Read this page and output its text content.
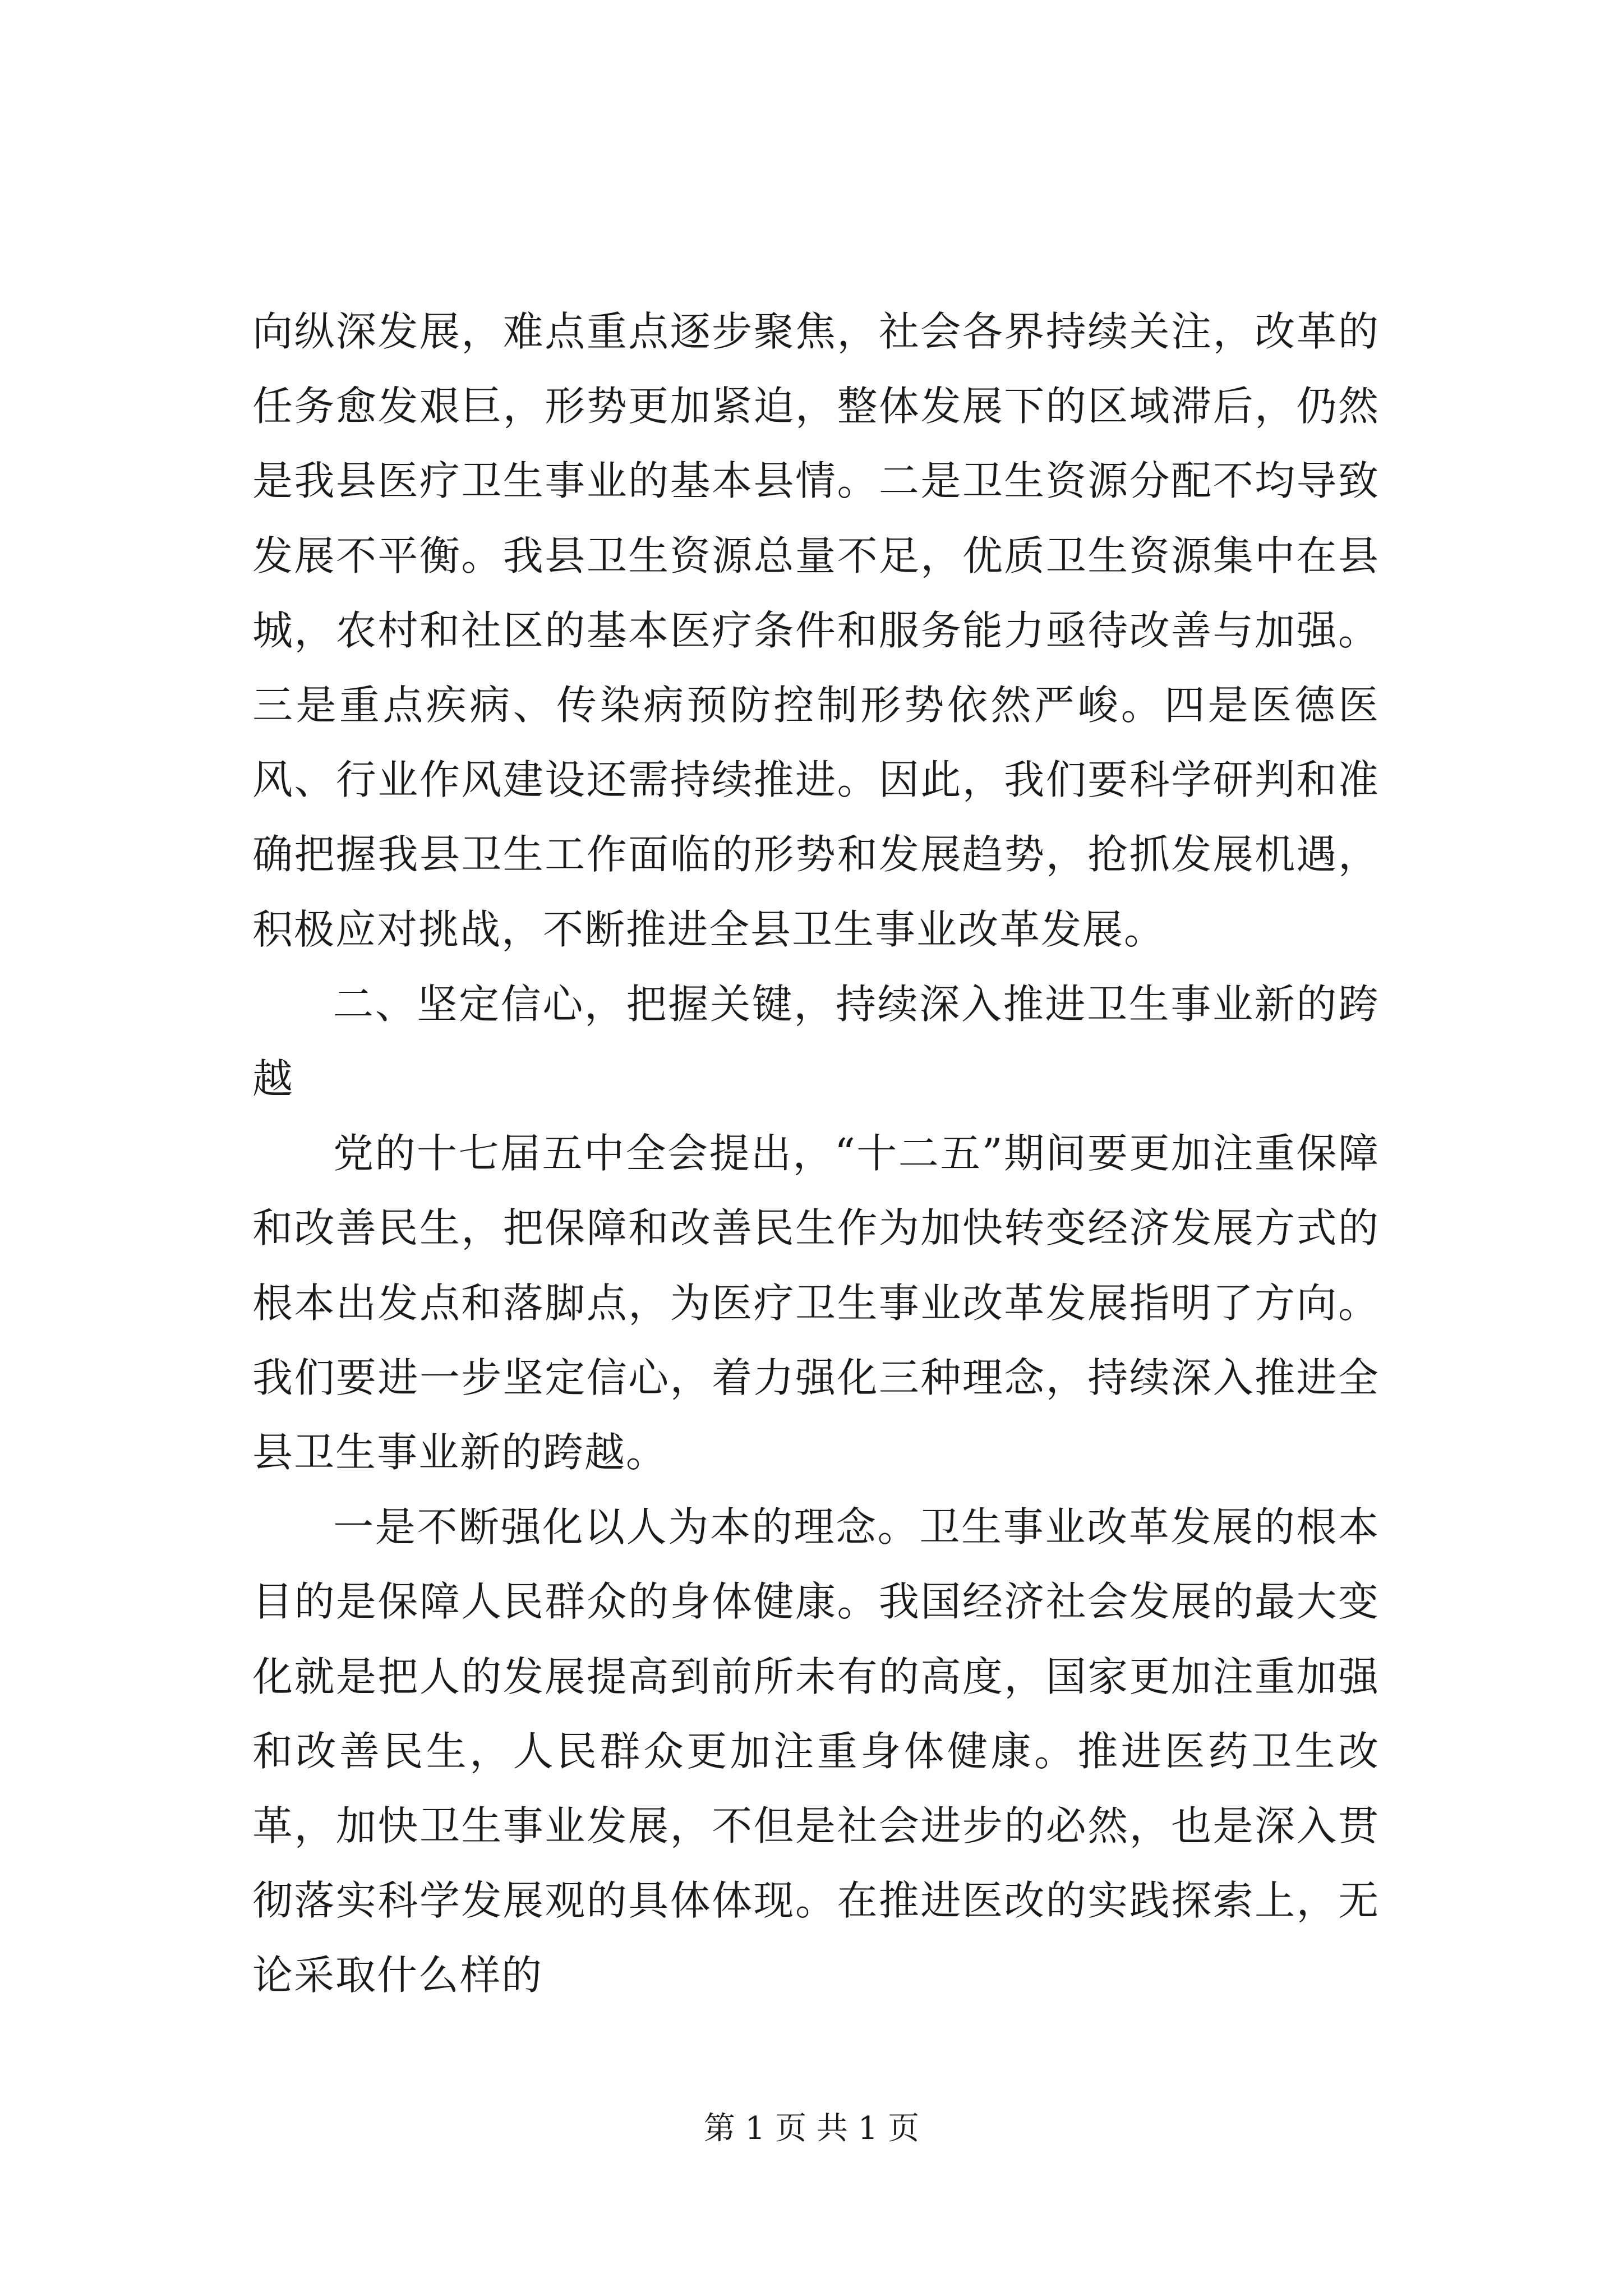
向纵深发展，难点重点逐步聚焦，社会各界持续关注，改革的任务愈发艰巨，形势更加紧迫，整体发展下的区域滞后，仍然是我县医疗卫生事业的基本县情。二是卫生资源分配不均导致发展不平衡。我县卫生资源总量不足，优质卫生资源集中在县城，农村和社区的基本医疗条件和服务能力亟待改善与加强。三是重点疾病、传染病预防控制形势依然严峻。四是医德医风、行业作风建设还需持续推进。因此，我们要科学研判和准确把握我县卫生工作面临的形势和发展趋势，抢抓发展机遇，积极应对挑战，不断推进全县卫生事业改革发展。

二、坚定信心，把握关键，持续深入推进卫生事业新的跨越

党的十七届五中全会提出，“十二五”期间要更加注重保障和改善民生，把保障和改善民生作为加快转变经济发展方式的根本出发点和落脚点，为医疗卫生事业改革发展指明了方向。我们要进一步坚定信心，着力强化三种理念，持续深入推进全县卫生事业新的跨越。

一是不断强化以人为本的理念。卫生事业改革发展的根本目的是保障人民群众的身体健康。我国经济社会发展的最大变化就是把人的发展提高到前所未有的高度，国家更加注重加强和改善民生，人民群众更加注重身体健康。推进医药卫生改革，加快卫生事业发展，不但是社会进步的必然，也是深入贯彻落实科学发展观的具体体现。在推进医改的实践探索上，无论采取什么样的

第 1 页 共 1 页
